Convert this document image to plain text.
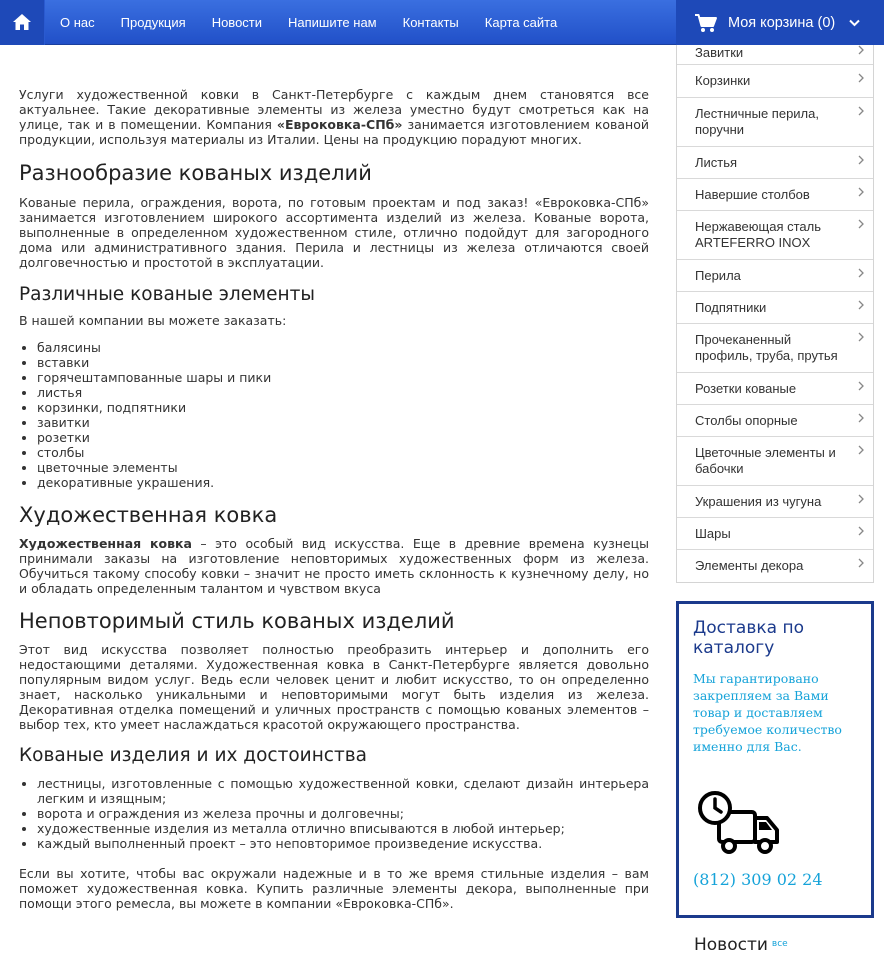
О нас	Продукция	Новости	Напишите нам	Контакты	Карта сайта	Моя корзина (0)

Услуги художественной ковки в Санкт-Петербурге с каждым днем становятся все актуальнее. Такие декоративные элементы из железа уместно будут смотреться как на улице, так и в помещении. Компания «Евроковка-СПб» занимается изготовлением кованой продукции, используя материалы из Италии. Цены на продукцию порадуют многих.

Разнообразие кованых изделий

Кованые перила, ограждения, ворота, по готовым проектам и под заказ! «Евроковка-СПб» занимается изготовлением широкого ассортимента изделий из железа. Кованые ворота, выполненные в определенном художественном стиле, отлично подойдут для загородного дома или административного здания. Перила и лестницы из железа отличаются своей долговечностью и простотой в эксплуатации.

Различные кованые элементы

В нашей компании вы можете заказать:

• балясины
• вставки
• горячештампованные шары и пики
• листья
• корзинки, подпятники
• завитки
• розетки
• столбы
• цветочные элементы
• декоративные украшения.
Художественная ковка

Художественная ковка – это особый вид искусства. Еще в древние времена кузнецы принимали заказы на изготовление неповторимых художественных форм из железа. Обучиться такому способу ковки – значит не просто иметь склонность к кузнечному делу, но и обладать определенным талантом и чувством вкуса

Неповторимый стиль кованых изделий

Этот вид искусства позволяет полностью преобразить интерьер и дополнить его недостающими деталями. Художественная ковка в Санкт-Петербурге является довольно популярным видом услуг. Ведь если человек ценит и любит искусство, то он определенно знает, насколько уникальными и неповторимыми могут быть изделия из железа. Декоративная отделка помещений и уличных пространств с помощью кованых элементов – выбор тех, кто умеет наслаждаться красотой окружающего пространства.

Кованые изделия и их достоинства
• лестницы, изготовленные с помощью художественной ковки, сделают дизайн интерьера легким и изящным;
• ворота и ограждения из железа прочны и долговечны;
• художественные изделия из металла отлично вписываются в любой интерьер;
• каждый выполненный проект – это неповторимое произведение искусства.

Если вы хотите, чтобы вас окружали надежные и в то же время стильные изделия – вам поможет художественная ковка. Купить различные элементы декора, выполненные при помощи этого ремесла, вы можете в компании «Евроковка-СПб».

Завитки
Корзинки
Лестничные перила, поручни
Листья
Навершие столбов
Нержавеющая сталь ARTEFERRO INOX
Перила
Подпятники
Прочеканенный профиль, труба, прутья
Розетки кованые
Столбы опорные
Цветочные элементы и бабочки
Украшения из чугуна
Шары
Элементы декора
Доставка по каталогу
Мы гарантировано закрепляем за Вами товар и доставляем требуемое количество именно для Вас.
(812) 309 02 24
Новости $^{все}$
